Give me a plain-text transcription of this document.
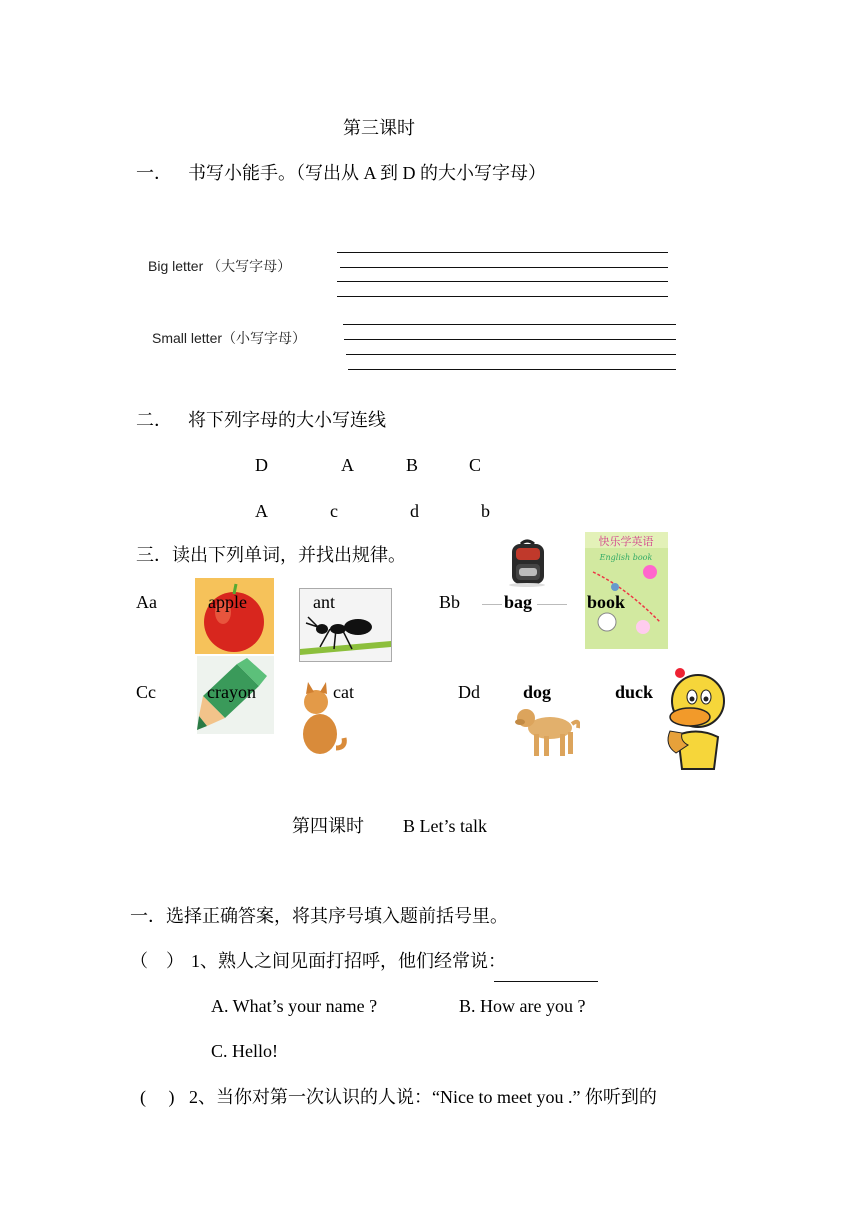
第三课时
一． 书写小能手。（写出从 A 到 D 的大小写字母）
Big letter （大写字母）
Small letter（小写字母）
二． 将下列字母的大小写连线
D	A	B	C
A	c	d	b
三．读出下列单词，并找出规律。
快乐学英语
English book
Aa	apple	ant	Bb bag	book
Cc	crayon	cat	Dd dog	duck
第四课时 B Let’s talk
一．选择正确答案，将其序号填入题前括号里。
（　） 1、熟人之间见面打招呼，他们经常说：
A. What’s your name ?	B. How are you ?
C. Hello!
(　 ) 2、当你对第一次认识的人说：“Nice to meet you .” 你听到的
